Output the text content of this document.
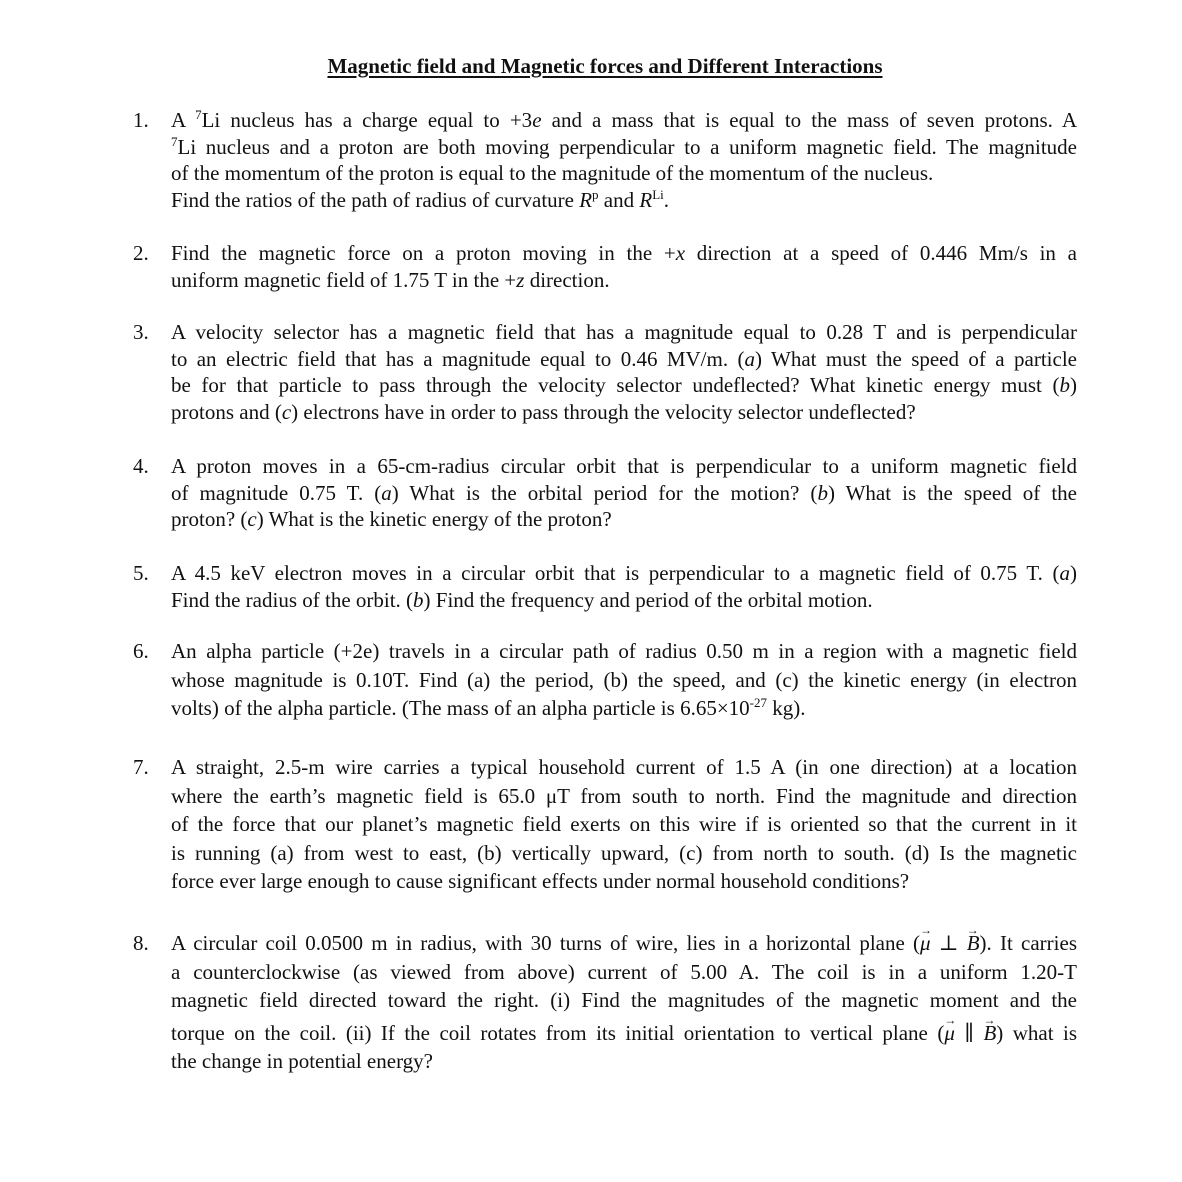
Magnetic field and Magnetic forces and Different Interactions
1. A $^7$Li nucleus has a charge equal to +3e and a mass that is equal to the mass of seven protons. A
$^7$Li nucleus and a proton are both moving perpendicular to a uniform magnetic field. The magnitude
of the momentum of the proton is equal to the magnitude of the momentum of the nucleus.
Find the ratios of the path of radius of curvature $R^p$ and $R^{Li}$.
2. Find the magnetic force on a proton moving in the +x direction at a speed of 0.446 Mm/s in a
uniform magnetic field of 1.75 T in the +z direction.
3. A velocity selector has a magnetic field that has a magnitude equal to 0.28 T and is perpendicular
to an electric field that has a magnitude equal to 0.46 MV/m. (a) What must the speed of a particle
be for that particle to pass through the velocity selector undeflected? What kinetic energy must (b)
protons and (c) electrons have in order to pass through the velocity selector undeflected?
4. A proton moves in a 65-cm-radius circular orbit that is perpendicular to a uniform magnetic field
of magnitude 0.75 T. (a) What is the orbital period for the motion? (b) What is the speed of the
proton? (c) What is the kinetic energy of the proton?
5. A 4.5 keV electron moves in a circular orbit that is perpendicular to a magnetic field of 0.75 T. (a)
Find the radius of the orbit. (b) Find the frequency and period of the orbital motion.
6. An alpha particle (+2e) travels in a circular path of radius 0.50 m in a region with a magnetic field
whose magnitude is 0.10T. Find (a) the period, (b) the speed, and (c) the kinetic energy (in electron
volts) of the alpha particle. (The mass of an alpha particle is $6.65\times 10^{-27}$ kg).
7. A straight, 2.5-m wire carries a typical household current of 1.5 A (in one direction) at a location
where the earth’s magnetic field is 65.0 μT from south to north. Find the magnitude and direction
of the force that our planet’s magnetic field exerts on this wire if is oriented so that the current in it
is running (a) from west to east, (b) vertically upward, (c) from north to south. (d) Is the magnetic
force ever large enough to cause significant effects under normal household conditions?
8. A circular coil 0.0500 m in radius, with 30 turns of wire, lies in a horizontal plane (→ μ ⊥ → B). It carries
a counterclockwise (as viewed from above) current of 5.00 A. The coil is in a uniform 1.20-T
magnetic field directed toward the right. (i) Find the magnitudes of the magnetic moment and the
torque on the coil. (ii) If the coil rotates from its initial orientation to vertical plane (→ μ ∥ → B) what is
the change in potential energy?
